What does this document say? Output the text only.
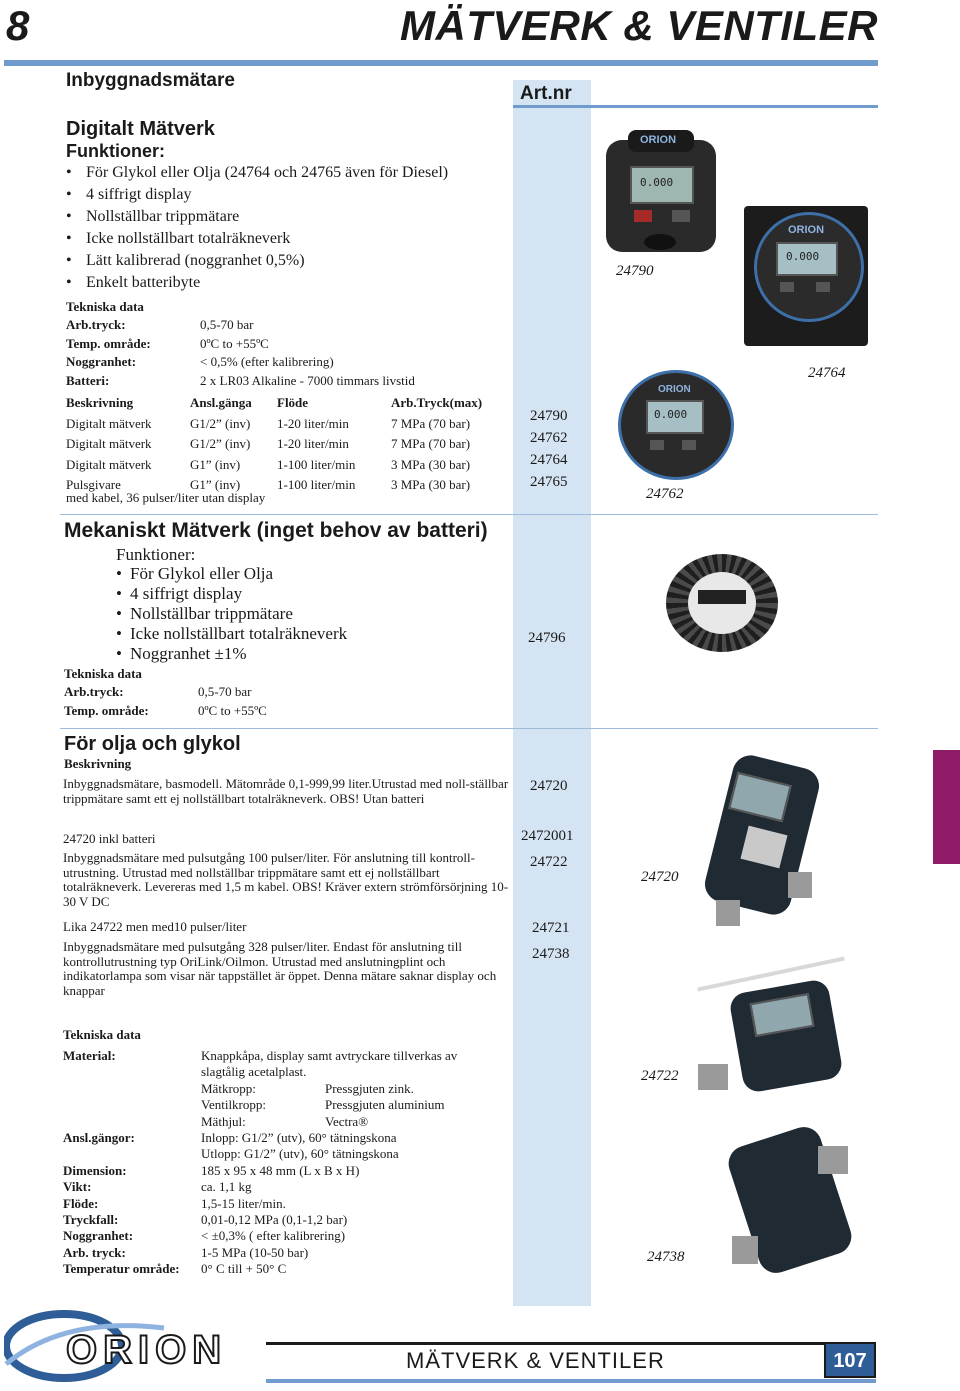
8	MÄTVERK & VENTILER
Art.nr
Inbyggnadsmätare
Digitalt Mätverk
Funktioner:
• För Glykol eller Olja (24764 och 24765 även för Diesel)
• 4 siffrigt display
• Nollställbar trippmätare
• Icke nollställbart totalräkneverk
• Lätt kalibrerad (noggranhet 0,5%)
• Enkelt batteribyte
Tekniska data
Arb.tryck:	0,5-70 bar
Temp. område:	0ºC to +55ºC
Noggranhet:	< 0,5% (efter kalibrering)
Batteri:	2 x LR03 Alkaline - 7000 timmars livstid
Beskrivning	Ansl.gänga	Flöde	Arb.Tryck(max)
Digitalt mätverk	G1/2” (inv)	1-20 liter/min	7 MPa (70 bar)
Digitalt mätverk	G1/2” (inv)	1-20 liter/min	7 MPa (70 bar)
Digitalt mätverk	G1” (inv)	1-100 liter/min	3 MPa (30 bar)
Pulsgivare	G1” (inv)	1-100 liter/min	3 MPa (30 bar)
med kabel, 36 pulser/liter utan display
24790
24762
24764
24765
Mekaniskt Mätverk (inget behov av batteri)
Funktioner:
• För Glykol eller Olja
• 4 siffrigt display
• Nollställbar trippmätare
• Icke nollställbart totalräkneverk
• Noggranhet ±1%
Tekniska data
Arb.tryck:	0,5-70 bar
Temp. område:	0ºC to +55ºC
24796
För olja och glykol
Beskrivning
Inbyggnadsmätare, basmodell. Mätområde 0,1-999,99 liter.Utrustad med noll-ställbar trippmätare samt ett ej nollställbart totalräkneverk. OBS! Utan batteri
24720
24720 inkl batteri	2472001
Inbyggnadsmätare med pulsutgång 100 pulser/liter. För anslutning till kontroll-utrustning. Utrustad med nollställbar trippmätare samt ett ej nollställbart totalräkneverk. Levereras med 1,5 m kabel. OBS! Kräver extern strömförsörjning 10-30 V DC
24722
Lika 24722 men med10 pulser/liter	24721
Inbyggnadsmätare med pulsutgång 328 pulser/liter. Endast för anslutning till kontrollutrustning typ OriLink/Oilmon. Utrustad med anslutningplint och indikatorlampa som visar när tappstället är öppet. Denna mätare saknar display och knappar
24738
Tekniska data
Material:	Knappkåpa, display samt avtryckare tillverkas av slagtålig acetalplast.
Mätkropp:	Pressgjuten zink.
Ventilkropp:	Pressgjuten aluminium
Mäthjul:	Vectra®
Ansl.gängor:	Inlopp: G1/2” (utv), 60° tätningskona
Utlopp: G1/2” (utv), 60° tätningskona
Dimension:	185 x 95 x 48 mm (L x B x H)
Vikt:	ca. 1,1 kg
Flöde:	1,5-15 liter/min.
Tryckfall:	0,01-0,12 MPa (0,1-1,2 bar)
Noggranhet:	< ±0,3% ( efter kalibrering)
Arb. tryck:	1-5 MPa (10-50 bar)
Temperatur område:	0° C till + 50° C
ORION
0.000
24790
ORION
0.000
24764
ORION
0.000
24762
24720
24722
24738
ORION	MÄTVERK & VENTILER	107
